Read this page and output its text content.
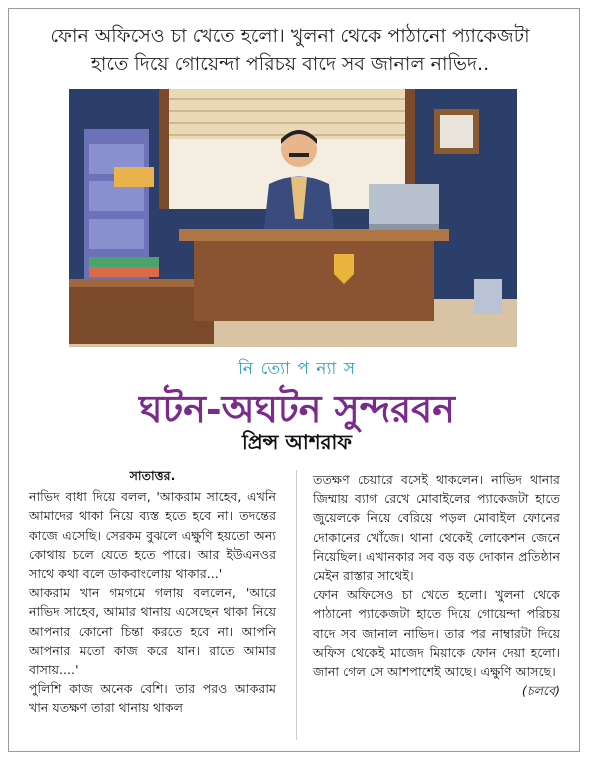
ফোন অফিসেও চা খেতে হলো। খুলনা থেকে পাঠানো প্যাকেজটা
হাতে দিয়ে গোয়েন্দা পরিচয় বাদে সব জানাল নাভিদ..
নি ত্যো প ন্যা স
ঘটন-অঘটন সুন্দরবন
প্রিন্স আশরাফ

সাতাত্তর.

নাভিদ বাধা দিয়ে বলল, 'আকরাম সাহেব, এখনি আমাদের থাকা নিয়ে ব্যস্ত হতে হবে না। তদন্তের কাজে এসেছি। সেরকম বুঝলে এক্ষুণি হয়তো অন্য কোথায় চলে যেতে হতে পারে। আর ইউএনওর সাথে কথা বলে ডাকবাংলোয় থাকার...'

আকরাম খান গমগমে গলায় বললেন, 'আরে নাভিদ সাহেব, আমার থানায় এসেছেন থাকা নিয়ে আপনার কোনো চিন্তা করতে হবে না। আপনি আপনার মতো কাজ করে যান। রাতে আমার বাসায়....'

পুলিশি কাজ অনেক বেশি। তার পরও আকরাম খান যতক্ষণ তারা থানায় থাকল

ততক্ষণ চেয়ারে বসেই থাকলেন। নাভিদ থানার জিম্মায় ব্যাগ রেখে মোবাইলের প্যাকেজটা হাতে জুয়েলকে নিয়ে বেরিয়ে পড়ল মোবাইল ফোনের দোকানের খোঁজে। থানা থেকেই লোকেশন জেনে নিয়েছিল। এখানকার সব বড় বড় দোকান প্রতিষ্ঠান মেইন রাস্তার সাথেই।

ফোন অফিসেও চা খেতে হলো। খুলনা থেকে পাঠানো প্যাকেজটা হাতে দিয়ে গোয়েন্দা পরিচয় বাদে সব জানাল নাভিদ। তার পর নাম্বারটা দিয়ে অফিস থেকেই মাজেদ মিয়াকে ফোন দেয়া হলো। জানা গেল সে আশপাশেই আছে। এক্ষুণি আসছে।

(চলবে)
